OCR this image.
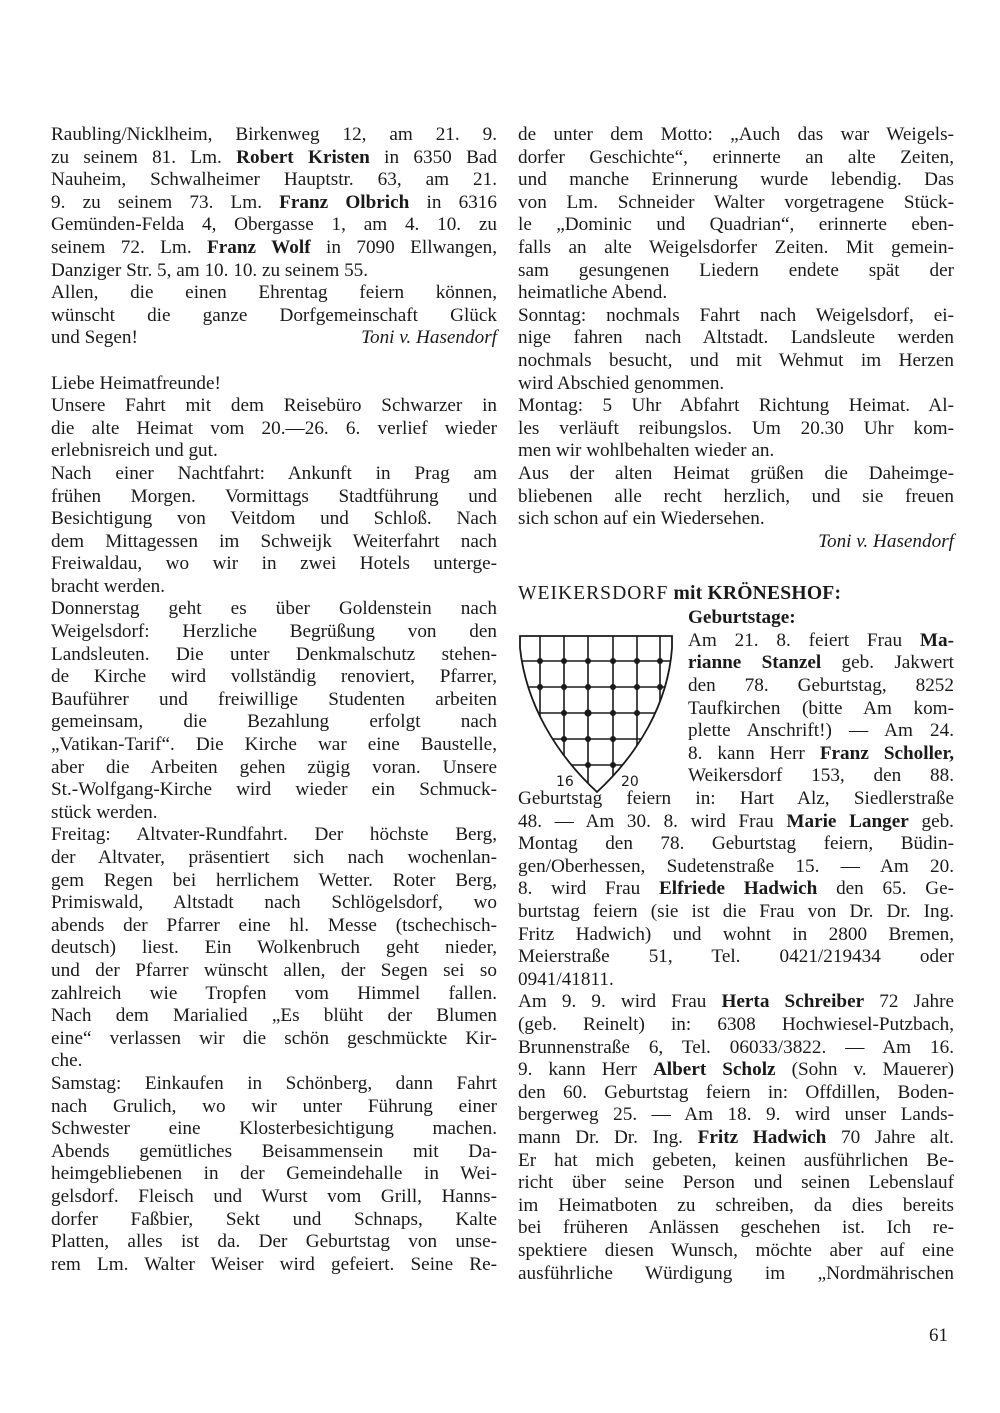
Raubling/Nicklheim, Birkenweg 12, am 21. 9.
zu seinem 81. Lm. Robert Kristen in 6350 Bad
Nauheim, Schwalheimer Hauptstr. 63, am 21.
9. zu seinem 73. Lm. Franz Olbrich in 6316
Gemünden-Felda 4, Obergasse 1, am 4. 10. zu
seinem 72. Lm. Franz Wolf in 7090 Ellwangen,
Danziger Str. 5, am 10. 10. zu seinem 55.
Allen, die einen Ehrentag feiern können,
wünscht die ganze Dorfgemeinschaft Glück
und Segen!	Toni v. Hasendorf
Liebe Heimatfreunde!
Unsere Fahrt mit dem Reisebüro Schwarzer in
die alte Heimat vom 20.—26. 6. verlief wieder
erlebnisreich und gut.
Nach einer Nachtfahrt: Ankunft in Prag am
frühen Morgen. Vormittags Stadtführung und
Besichtigung von Veitdom und Schloß. Nach
dem Mittagessen im Schweijk Weiterfahrt nach
Freiwaldau, wo wir in zwei Hotels unterge-
bracht werden.
Donnerstag geht es über Goldenstein nach
Weigelsdorf: Herzliche Begrüßung von den
Landsleuten. Die unter Denkmalschutz stehen-
de Kirche wird vollständig renoviert, Pfarrer,
Bauführer und freiwillige Studenten arbeiten
gemeinsam, die Bezahlung erfolgt nach
„Vatikan-Tarif“. Die Kirche war eine Baustelle,
aber die Arbeiten gehen zügig voran. Unsere
St.-Wolfgang-Kirche wird wieder ein Schmuck-
stück werden.
Freitag: Altvater-Rundfahrt. Der höchste Berg,
der Altvater, präsentiert sich nach wochenlan-
gem Regen bei herrlichem Wetter. Roter Berg,
Primiswald, Altstadt nach Schlögelsdorf, wo
abends der Pfarrer eine hl. Messe (tschechisch-
deutsch) liest. Ein Wolkenbruch geht nieder,
und der Pfarrer wünscht allen, der Segen sei so
zahlreich wie Tropfen vom Himmel fallen.
Nach dem Marialied „Es blüht der Blumen
eine“ verlassen wir die schön geschmückte Kir-
che.
Samstag: Einkaufen in Schönberg, dann Fahrt
nach Grulich, wo wir unter Führung einer
Schwester eine Klosterbesichtigung machen.
Abends gemütliches Beisammensein mit Da-
heimgebliebenen in der Gemeindehalle in Wei-
gelsdorf. Fleisch und Wurst vom Grill, Hanns-
dorfer Faßbier, Sekt und Schnaps, Kalte
Platten, alles ist da. Der Geburtstag von unse-
rem Lm. Walter Weiser wird gefeiert. Seine Re-
de unter dem Motto: „Auch das war Weigels-
dorfer Geschichte“, erinnerte an alte Zeiten,
und manche Erinnerung wurde lebendig. Das
von Lm. Schneider Walter vorgetragene Stück-
le „Dominic und Quadrian“, erinnerte eben-
falls an alte Weigelsdorfer Zeiten. Mit gemein-
sam gesungenen Liedern endete spät der
heimatliche Abend.
Sonntag: nochmals Fahrt nach Weigelsdorf, ei-
nige fahren nach Altstadt. Landsleute werden
nochmals besucht, und mit Wehmut im Herzen
wird Abschied genommen.
Montag: 5 Uhr Abfahrt Richtung Heimat. Al-
les verläuft reibungslos. Um 20.30 Uhr kom-
men wir wohlbehalten wieder an.
Aus der alten Heimat grüßen die Daheimge-
bliebenen alle recht herzlich, und sie freuen
sich schon auf ein Wiedersehen.
Toni v. Hasendorf
WEIKERSDORF mit KRÖNESHOF:
16	20
Geburtstage:
Am 21. 8. feiert Frau Ma-
rianne Stanzel geb. Jakwert
den 78. Geburtstag, 8252
Taufkirchen (bitte Am kom-
plette Anschrift!) — Am 24.
8. kann Herr Franz Scholler,
Weikersdorf 153, den 88.
Geburtstag feiern in: Hart Alz, Siedlerstraße
48. — Am 30. 8. wird Frau Marie Langer geb.
Montag den 78. Geburtstag feiern, Büdin-
gen/Oberhessen, Sudetenstraße 15. — Am 20.
8. wird Frau Elfriede Hadwich den 65. Ge-
burtstag feiern (sie ist die Frau von Dr. Dr. Ing.
Fritz Hadwich) und wohnt in 2800 Bremen,
Meierstraße 51, Tel. 0421/219434 oder
0941/41811.
Am 9. 9. wird Frau Herta Schreiber 72 Jahre
(geb. Reinelt) in: 6308 Hochwiesel-Putzbach,
Brunnenstraße 6, Tel. 06033/3822. — Am 16.
9. kann Herr Albert Scholz (Sohn v. Mauerer)
den 60. Geburtstag feiern in: Offdillen, Boden-
bergerweg 25. — Am 18. 9. wird unser Lands-
mann Dr. Dr. Ing. Fritz Hadwich 70 Jahre alt.
Er hat mich gebeten, keinen ausführlichen Be-
richt über seine Person und seinen Lebenslauf
im Heimatboten zu schreiben, da dies bereits
bei früheren Anlässen geschehen ist. Ich re-
spektiere diesen Wunsch, möchte aber auf eine
ausführliche Würdigung im „Nordmährischen
61
